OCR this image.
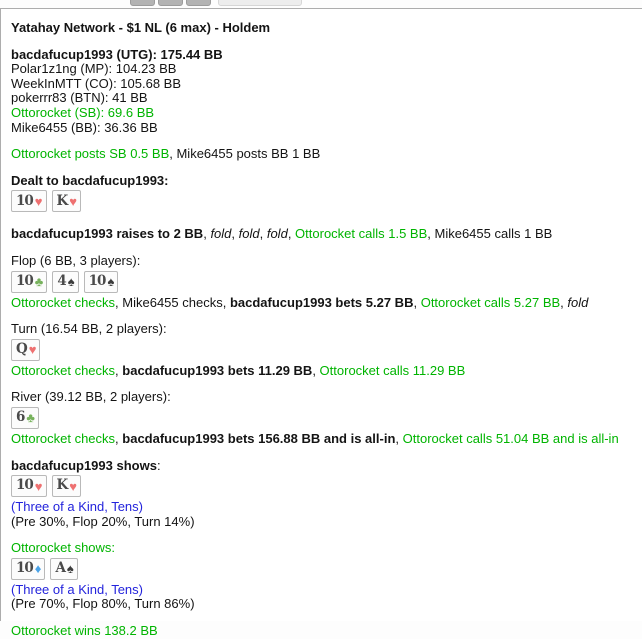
Yatahay Network - $1 NL (6 max) - Holdem
bacdafucup1993 (UTG): 175.44 BB
Polar1z1ng (MP): 104.23 BB
WeekInMTT (CO): 105.68 BB
pokerrr83 (BTN): 41 BB
Ottorocket (SB): 69.6 BB
Mike6455 (BB): 36.36 BB
Ottorocket posts SB 0.5 BB, Mike6455 posts BB 1 BB
Dealt to bacdafucup1993:
10 ♥ K ♥
bacdafucup1993 raises to 2 BB, fold, fold, fold, Ottorocket calls 1.5 BB, Mike6455 calls 1 BB
Flop (6 BB, 3 players):
10 ♣ 4 ♠ 10 ♠
Ottorocket checks, Mike6455 checks, bacdafucup1993 bets 5.27 BB, Ottorocket calls 5.27 BB, fold
Turn (16.54 BB, 2 players):
Q ♥
Ottorocket checks, bacdafucup1993 bets 11.29 BB, Ottorocket calls 11.29 BB
River (39.12 BB, 2 players):
6 ♣
Ottorocket checks, bacdafucup1993 bets 156.88 BB and is all-in, Ottorocket calls 51.04 BB and is all-in
bacdafucup1993 shows:
10 ♥ K ♥
(Three of a Kind, Tens)
(Pre 30%, Flop 20%, Turn 14%)
Ottorocket shows:
10 ♦ A ♠
(Three of a Kind, Tens)
(Pre 70%, Flop 80%, Turn 86%)
Ottorocket wins 138.2 BB
